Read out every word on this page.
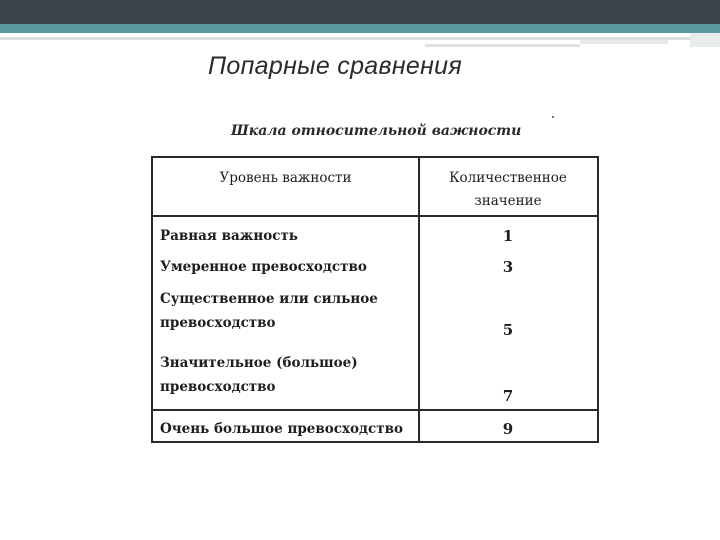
Попарные сравнения
Шкала относительной важности
Уровень важности	Количественное
значение
Равная важность	1
Умеренное превосходство	3
Существенное или сильное
превосходство	5
Значительное (большое)
превосходство	7
Очень большое превосходство	9
